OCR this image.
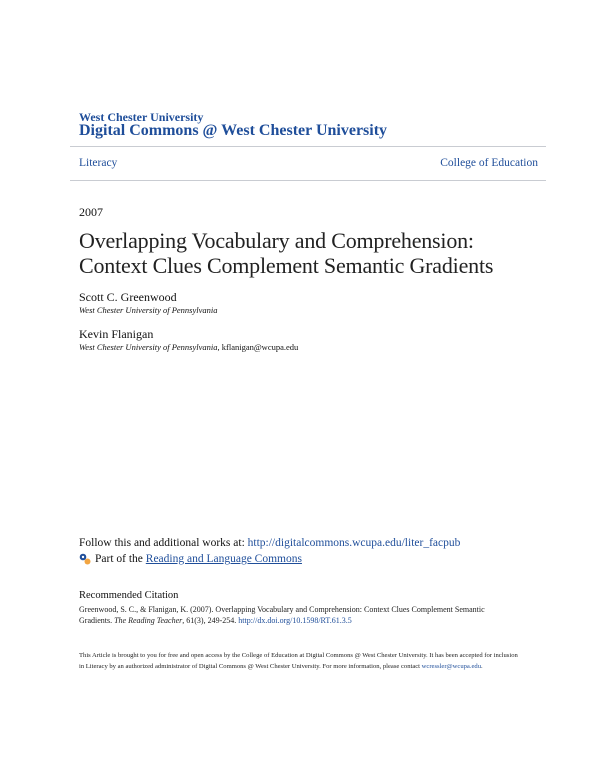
West Chester University
Digital Commons @ West Chester University
Literacy	College of Education
2007
Overlapping Vocabulary and Comprehension:
Context Clues Complement Semantic Gradients
Scott C. Greenwood
West Chester University of Pennsylvania
Kevin Flanigan
West Chester University of Pennsylvania, kflanigan@wcupa.edu
Follow this and additional works at: http://digitalcommons.wcupa.edu/liter_facpub
Part of the
Reading and Language Commons
Recommended Citation
Greenwood, S. C., & Flanigan, K. (2007). Overlapping Vocabulary and Comprehension: Context Clues Complement Semantic Gradients. The Reading Teacher, 61(3), 249-254. http://dx.doi.org/10.1598/RT.61.3.5
This Article is brought to you for free and open access by the College of Education at Digital Commons @ West Chester University. It has been accepted for inclusion in Literacy by an authorized administrator of Digital Commons @ West Chester University. For more information, please contact wcressler@wcupa.edu.
